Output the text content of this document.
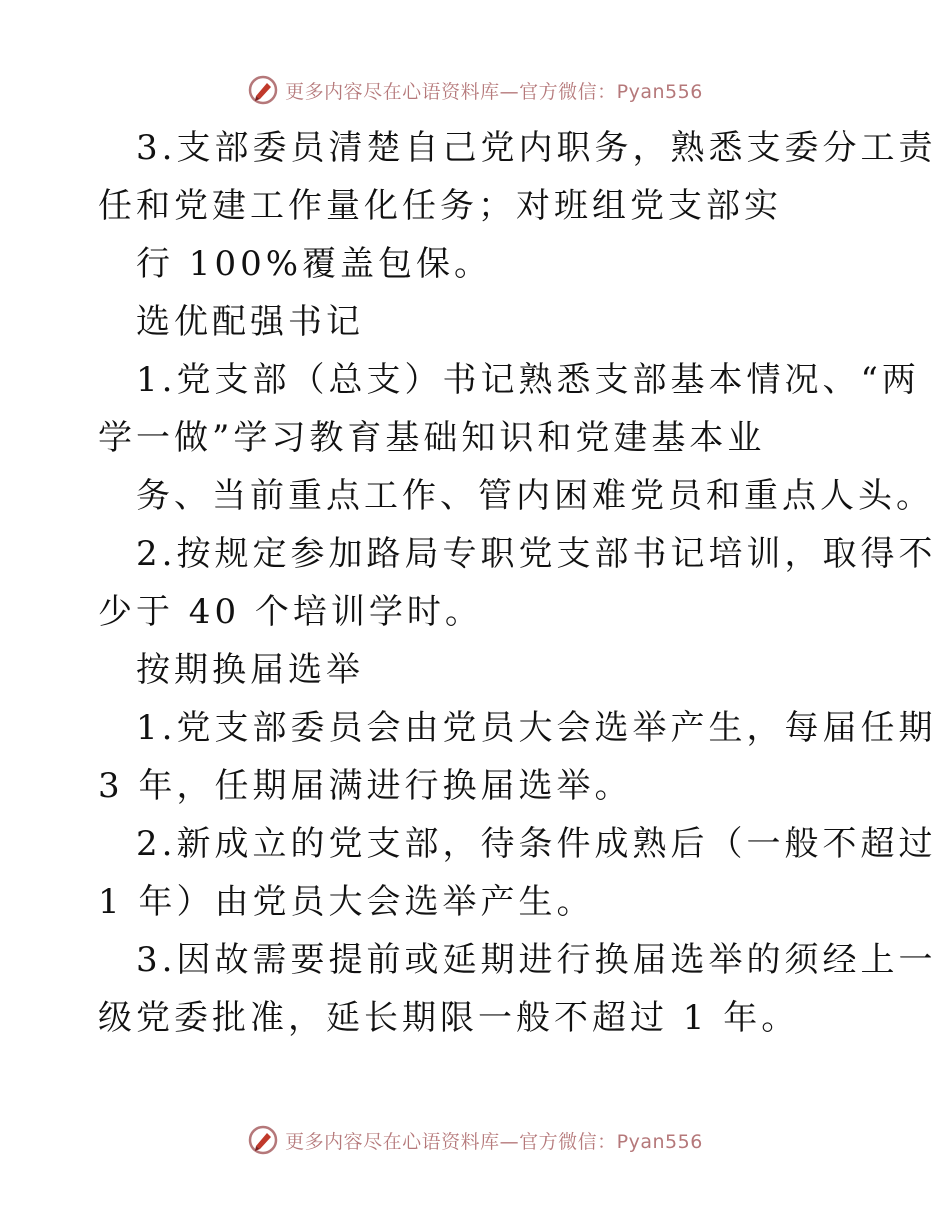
更多内容尽在心语资料库—官方微信：Pyan556
3.支部委员清楚自己党内职务，熟悉支委分工责
任和党建工作量化任务；对班组党支部实
行 100%覆盖包保。
选优配强书记
1.党支部（总支）书记熟悉支部基本情况、“两
学一做”学习教育基础知识和党建基本业
务、当前重点工作、管内困难党员和重点人头。
2.按规定参加路局专职党支部书记培训，取得不
少于 40 个培训学时。
按期换届选举
1.党支部委员会由党员大会选举产生，每届任期
3 年，任期届满进行换届选举。
2.新成立的党支部，待条件成熟后（一般不超过
1 年）由党员大会选举产生。
3.因故需要提前或延期进行换届选举的须经上一
级党委批准，延长期限一般不超过 1 年。
更多内容尽在心语资料库—官方微信：Pyan556
